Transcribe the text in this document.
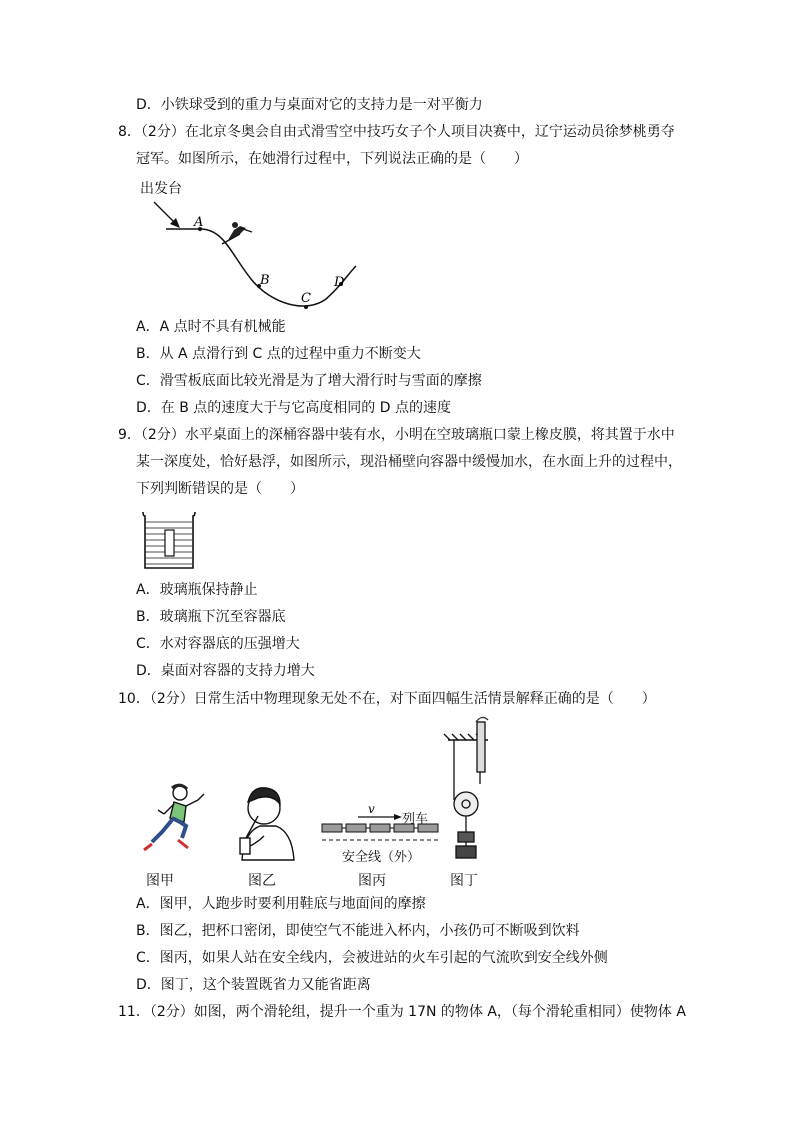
D．小铁球受到的重力与桌面对它的支持力是一对平衡力
8．（2分）在北京冬奥会自由式滑雪空中技巧女子个人项目决赛中，辽宁运动员徐梦桃勇夺
冠军。如图所示，在她滑行过程中，下列说法正确的是（　　）
出发台
A
B
C
D
A．A 点时不具有机械能
B．从 A 点滑行到 C 点的过程中重力不断变大
C．滑雪板底面比较光滑是为了增大滑行时与雪面的摩擦
D．在 B 点的速度大于与它高度相同的 D 点的速度
9．（2分）水平桌面上的深桶容器中装有水，小明在空玻璃瓶口蒙上橡皮膜，将其置于水中
某一深度处，恰好悬浮，如图所示，现沿桶壁向容器中缓慢加水，在水面上升的过程中，
下列判断错误的是（　　）
A．玻璃瓶保持静止
B．玻璃瓶下沉至容器底
C．水对容器底的压强增大
D．桌面对容器的支持力增大
10．（2分）日常生活中物理现象无处不在，对下面四幅生活情景解释正确的是（　　）
v
列车
安全线（外）
图甲	图乙	图丙	图丁
A．图甲，人跑步时要利用鞋底与地面间的摩擦
B．图乙，把杯口密闭，即使空气不能进入杯内，小孩仍可不断吸到饮料
C．图丙，如果人站在安全线内，会被进站的火车引起的气流吹到安全线外侧
D．图丁，这个装置既省力又能省距离
11．（2分）如图，两个滑轮组，提升一个重为 17N 的物体 A，（每个滑轮重相同）使物体 A
